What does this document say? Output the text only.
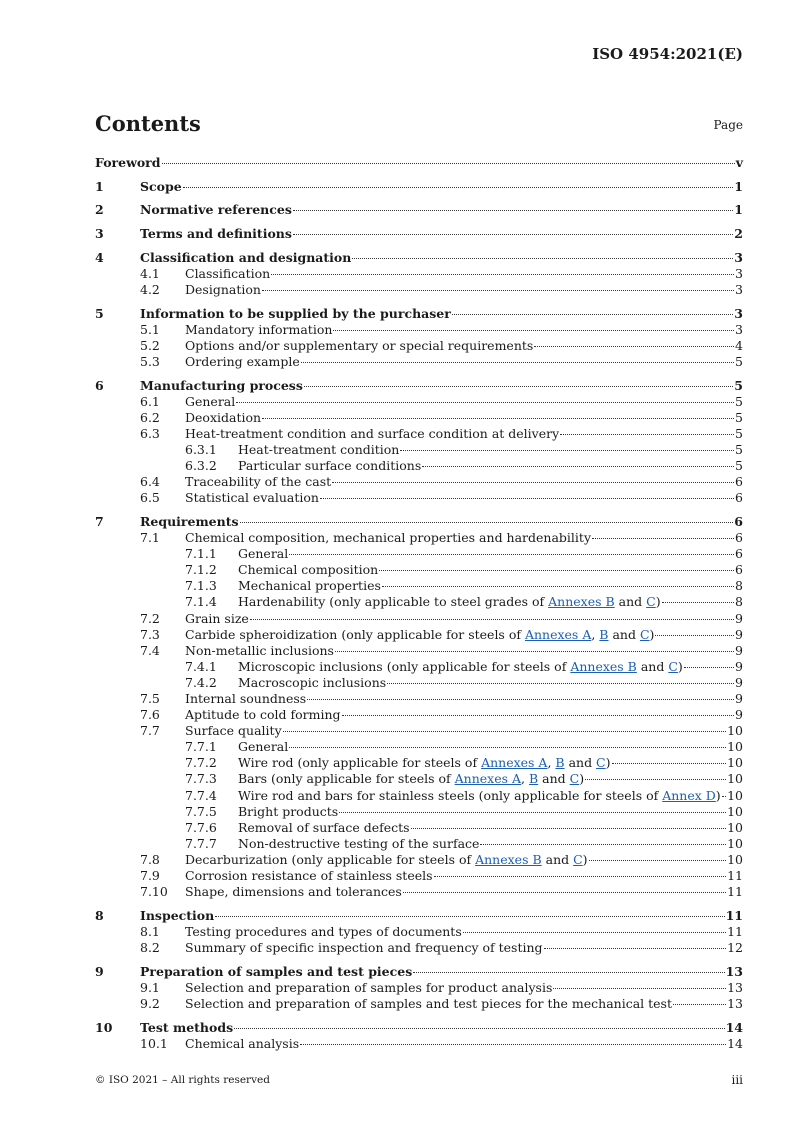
ISO 4954:2021(E)
Contents	Page
Foreword	v
1	Scope	1
2	Normative references	1
3	Terms and definitions	2
4	Classification and designation	3
4.1 Classification	3
4.2 Designation	3
5	Information to be supplied by the purchaser	3
5.1 Mandatory information	3
5.2 Options and/or supplementary or special requirements	4
5.3 Ordering example	5
6	Manufacturing process	5
6.1 General	5
6.2 Deoxidation	5
6.3 Heat-treatment condition and surface condition at delivery	5
6.3.1 Heat-treatment condition	5
6.3.2 Particular surface conditions	5
6.4 Traceability of the cast	6
6.5 Statistical evaluation	6
7	Requirements	6
7.1 Chemical composition, mechanical properties and hardenability	6
7.1.1 General	6
7.1.2 Chemical composition	6
7.1.3 Mechanical properties	8
7.1.4 Hardenability (only applicable to steel grades of Annexes B and C)	8
7.2 Grain size	9
7.3 Carbide spheroidization (only applicable for steels of Annexes A, B and C)	9
7.4 Non-metallic inclusions	9
7.4.1 Microscopic inclusions (only applicable for steels of Annexes B and C)	9
7.4.2 Macroscopic inclusions	9
7.5 Internal soundness	9
7.6 Aptitude to cold forming	9
7.7 Surface quality	10
7.7.1 General	10
7.7.2 Wire rod (only applicable for steels of Annexes A, B and C)	10
7.7.3 Bars (only applicable for steels of Annexes A, B and C)	10
7.7.4 Wire rod and bars for stainless steels (only applicable for steels of Annex D) 10
7.7.5 Bright products	10
7.7.6 Removal of surface defects	10
7.7.7 Non-destructive testing of the surface	10
7.8 Decarburization (only applicable for steels of Annexes B and C)	10
7.9 Corrosion resistance of stainless steels	11
7.10 Shape, dimensions and tolerances	11
8	Inspection	11
8.1 Testing procedures and types of documents	11
8.2 Summary of specific inspection and frequency of testing	12
9	Preparation of samples and test pieces	13
9.1 Selection and preparation of samples for product analysis	13
9.2 Selection and preparation of samples and test pieces for the mechanical test	13
10 Test methods	14
10.1 Chemical analysis	14
© ISO 2021 – All rights reserved	iii
